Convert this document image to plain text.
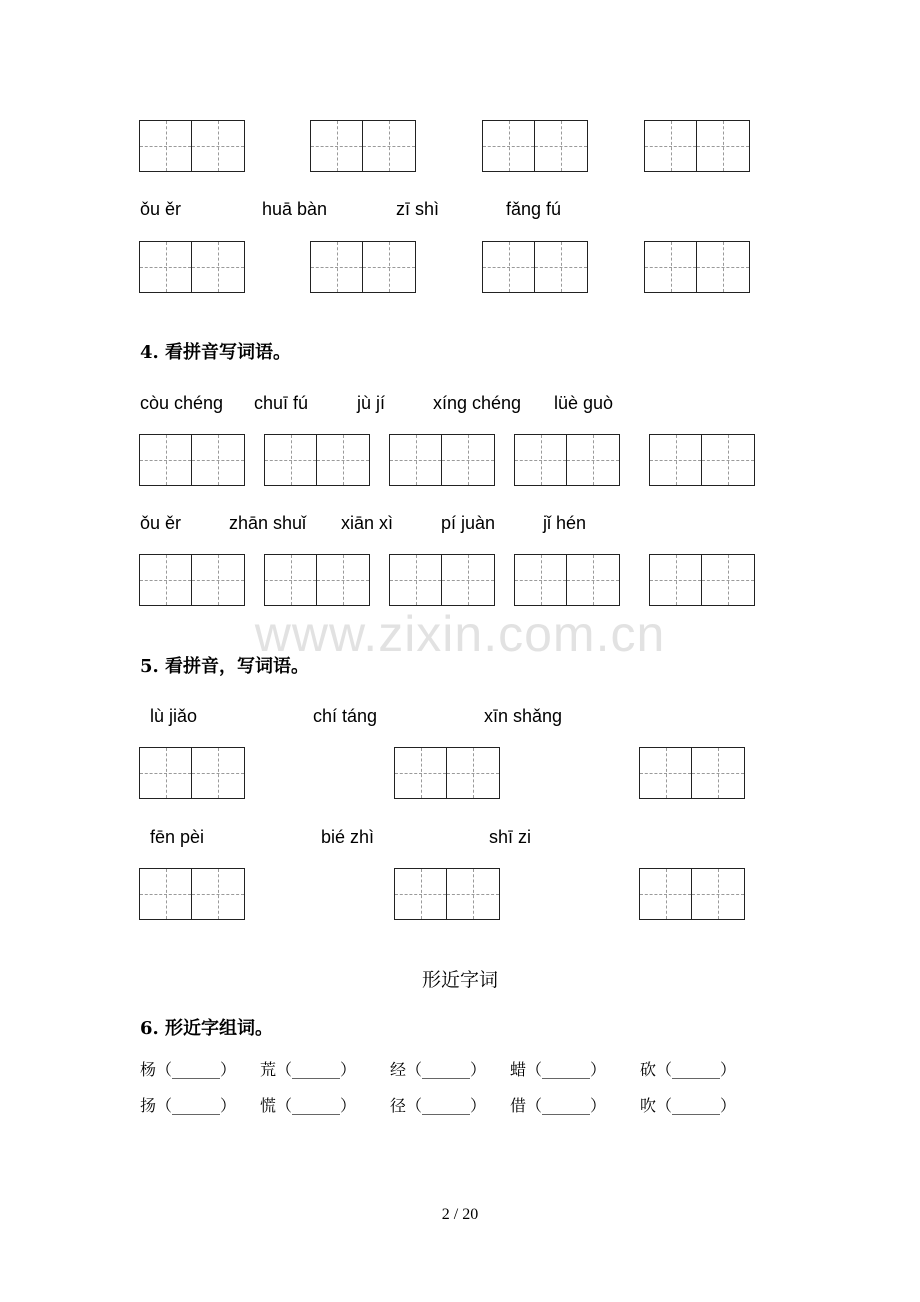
ǒu ěr	huā bàn	zī shì	fǎng fú
4. 看拼音写词语。
còu chéng chuī fú	jù jí	xíng chéng lüè guò
ǒu ěr	zhān shuǐ xiān xì	pí juàn	jǐ hén
www.zixin.com.cn
5. 看拼音，写词语。
lù jiǎo	chí táng	xīn shǎng
fēn pèi	bié zhì	shī zi
形近字词
6. 形近字组词。
杨（______） 荒（______） 经（______） 蜡（______） 砍（______）
扬（______） 慌（______） 径（______） 借（______） 吹（______）
2 / 20
